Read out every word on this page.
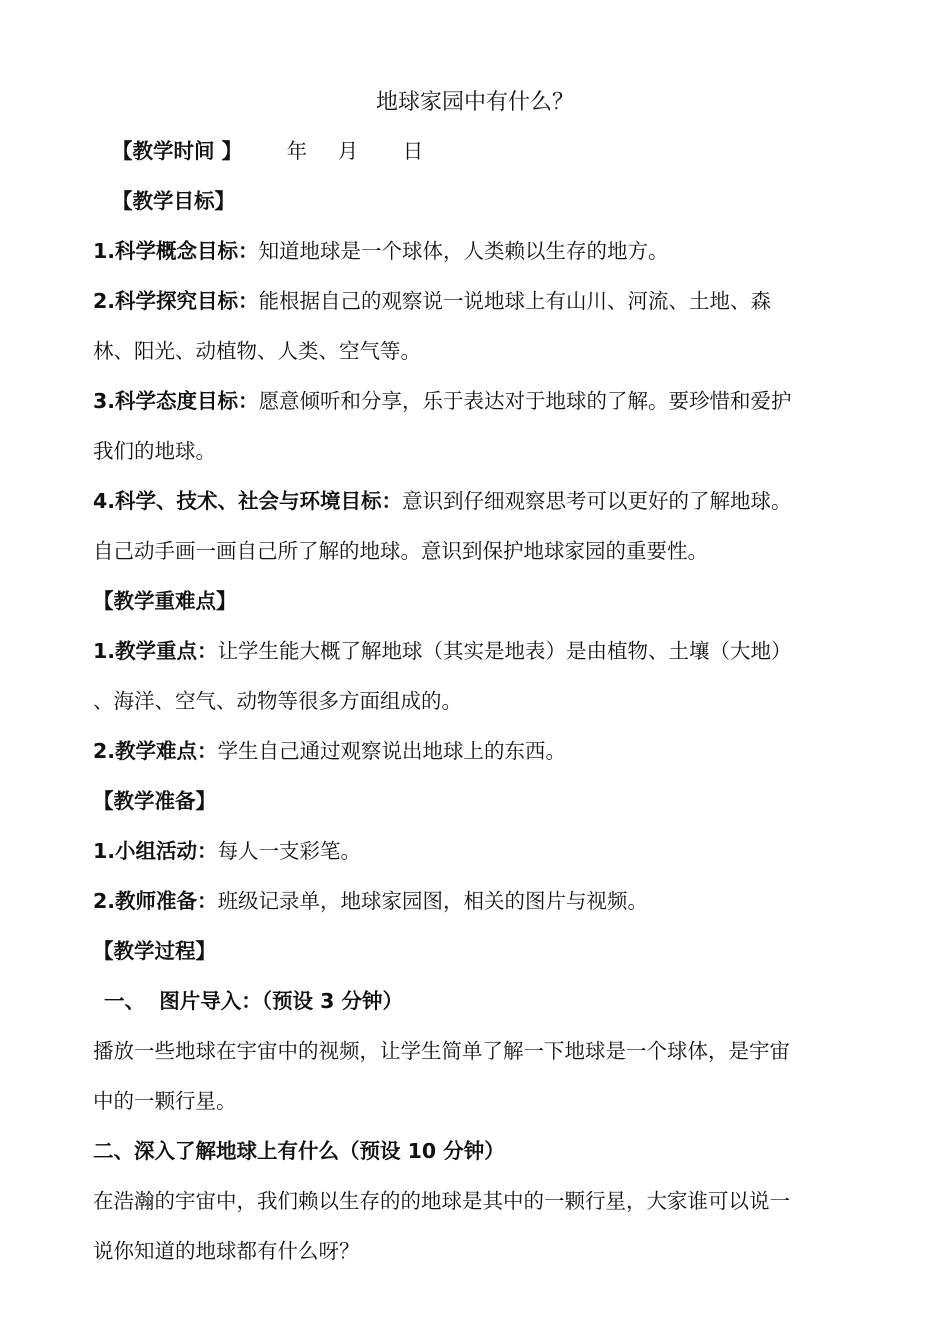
地球家园中有什么？
【教学时间 】 年 月 日
【教学目标】
1.科学概念目标：知道地球是一个球体，人类赖以生存的地方。
2.科学探究目标：能根据自己的观察说一说地球上有山川、河流、土地、森
林、阳光、动植物、人类、空气等。
3.科学态度目标：愿意倾听和分享，乐于表达对于地球的了解。要珍惜和爱护
我们的地球。
4.科学、技术、社会与环境目标：意识到仔细观察思考可以更好的了解地球。
自己动手画一画自己所了解的地球。意识到保护地球家园的重要性。
【教学重难点】
1.教学重点：让学生能大概了解地球（其实是地表）是由植物、土壤（大地）
、海洋、空气、动物等很多方面组成的。
2.教学难点：学生自己通过观察说出地球上的东西。
【教学准备】
1.小组活动：每人一支彩笔。
2.教师准备：班级记录单，地球家园图，相关的图片与视频。
【教学过程】
一、  图片导入：（预设 3 分钟）
播放一些地球在宇宙中的视频，让学生简单了解一下地球是一个球体，是宇宙
中的一颗行星。
二、深入了解地球上有什么（预设 10 分钟）
在浩瀚的宇宙中，我们赖以生存的的地球是其中的一颗行星，大家谁可以说一
说你知道的地球都有什么呀？
